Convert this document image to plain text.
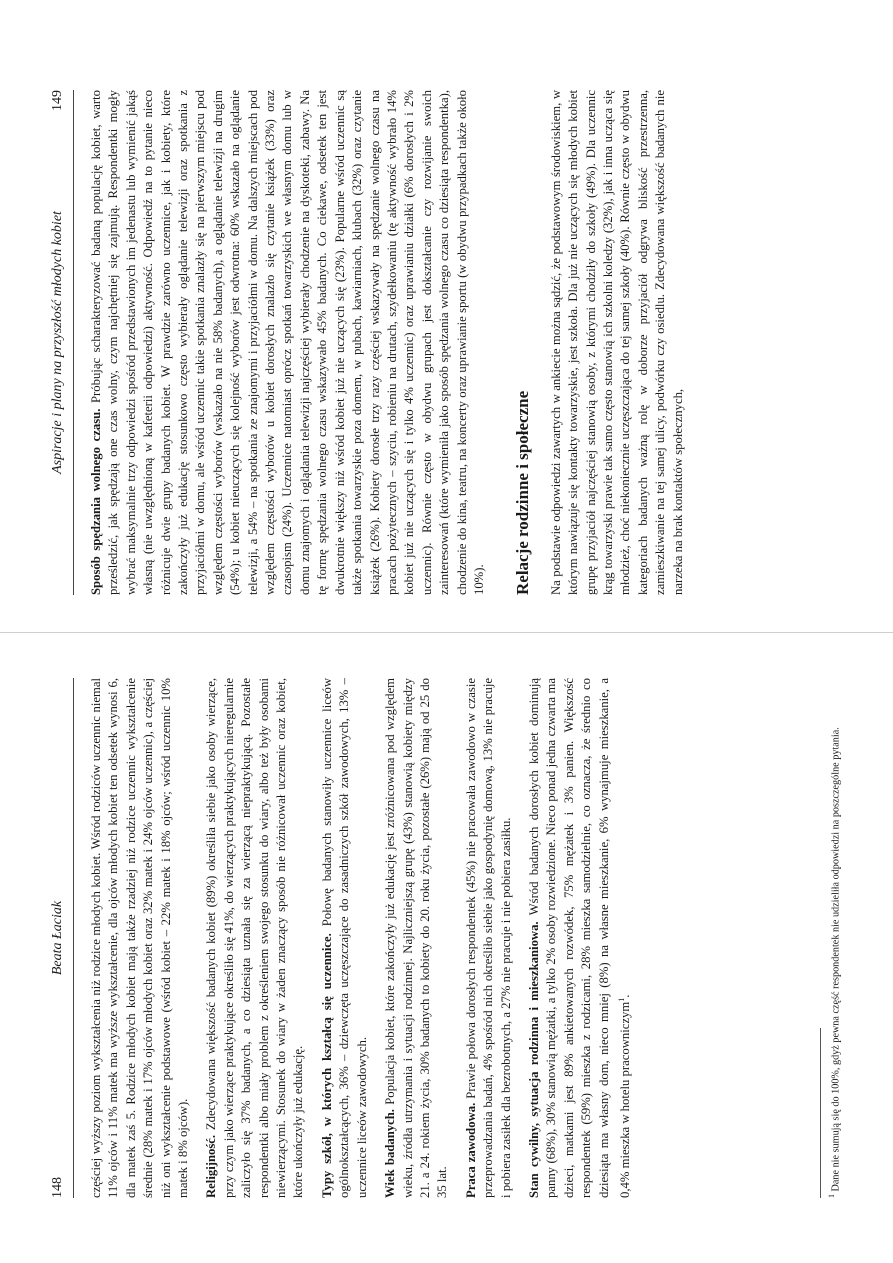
148
Beata Łaciak częściej wyższy poziom wykształcenia niż rodzice młodych kobiet. Wśród rodziców uczennic niemal 11% ojców i 11% matek ma wyższe wykształcenie, dla ojców młodych kobiet ten odsetek wynosi 6, dla matek zaś 5. Rodzice młodych kobiet mają także rzadziej niż rodzice uczennic wykształcenie średnie (28% matek i 17% ojców młodych kobiet oraz 32% matek i 24% ojców uczennic), a częściej niż oni wykształcenie podstawowe (wśród kobiet – 22% matek i 18% ojców; wśród uczennic 10% matek i 8% ojców). Religijność. Zdecydowana większość badanych kobiet (89%) określiła siebie jako osoby wierzące, przy czym jako wierzące praktykujące określiło się 41%, do wierzących praktykujących nieregularnie zaliczyło się 37% badanych, a co dziesiąta uznała się za wierzącą niepraktykującą. Pozostałe respondentki albo miały problem z określeniem swojego stosunku do wiary, albo też były osobami niewierzącymi. Stosunek do wiary w żaden znaczący sposób nie różnicował uczennic oraz kobiet, które ukończyły już edukację. Typy szkół, w których kształcą się uczennice. Połowę badanych stanowiły uczennice liceów ogólnokształcących, 36% – dziewczęta uczęszczające do zasadniczych szkół zawodowych, 13% – uczennice liceów zawodowych. Wiek badanych. Populacja kobiet, które zakończyły już edukację jest zróżnicowana pod względem wieku, źródła utrzymania i sytuacji rodzinnej. Najliczniejszą grupę (43%) stanowią kobiety między 21. a 24. rokiem życia, 30% badanych to kobiety do 20. roku życia, pozostałe (26%) mają od 25 do 35 lat. Praca zawodowa. Prawie połowa dorosłych respondentek (45%) nie pracowała zawodowo w czasie przeprowadzania badań, 4% spośród nich określiło siebie jako gospodynię domową, 13% nie pracuje i pobiera zasiłek dla bezrobotnych, a 27% nie pracuje i nie pobiera zasiłku. Stan cywilny, sytuacja rodzinna i mieszkaniowa. Wśród badanych dorosłych kobiet dominują panny (68%), 30% stanowią mężatki, a tylko 2% osoby rozwiedzione. Nieco ponad jedna czwarta ma dzieci, matkami jest 89% ankietowanych rozwódek, 75% mężatek i 3% panien. Większość respondentek (59%) mieszka z rodzicami, 28% mieszka samodzielnie, co oznacza, że średnio co dziesiąta ma własny dom, nieco mniej (8%) na własne mieszkanie, 6% wynajmuje mieszkanie, a 0,4% mieszka w hotelu pracowniczym$^1$.

$^1$ Dane nie sumują się do 100%, gdyż pewna część respondentek nie udzieliła odpowiedzi na poszczególne pytania.
Aspiracje i plany na przyszłość młodych kobiet
149

Sposób spędzania wolnego czasu. Próbując scharakteryzować badaną populację kobiet, warto prześledzić, jak spędzają one czas wolny, czym najchętniej się zajmują. Respondentki mogły wybrać maksymalnie trzy odpowiedzi spośród przedstawionych im jedenastu lub wymienić jakąś własną (nie uwzględnioną w kafeterii odpowiedzi) aktywność. Odpowiedź na to pytanie nieco różnicuje dwie grupy badanych kobiet. W prawdzie zarówno uczennice, jak i kobiety, które zakończyły już edukację stosunkowo często wybierały oglądanie telewizji oraz spotkania z przyjaciółmi w domu, ale wśród uczennic takie spotkania znalazły się na pierwszym miejscu pod względem częstości wyborów (wskazało na nie 58% badanych), a oglądanie telewizji na drugim (54%); u kobiet nieuczących się kolejność wyborów jest odwrotna: 60% wskazało na oglądanie telewizji, a 54% – na spotkania ze znajomymi i przyjaciółmi w domu. Na dalszych miejscach pod względem częstości wyborów u kobiet dorosłych znalazło się czytanie książek (33%) oraz czasopism (24%). Uczennice natomiast oprócz spotkań towarzyskich we własnym domu lub w domu znajomych i oglądania telewizji najczęściej wybierały chodzenie na dyskoteki, zabawy. Na tę formę spędzania wolnego czasu wskazywało 45% badanych. Co ciekawe, odsetek ten jest dwukrotnie większy niż wśród kobiet już nie uczących się (23%). Popularne wśród uczennic są także spotkania towarzyskie poza domem, w pubach, kawiarniach, klubach (32%) oraz czytanie książek (26%). Kobiety dorosłe trzy razy częściej wskazywały na spędzanie wolnego czasu na pracach pożytecznych – szyciu, robieniu na drutach, szydełkowaniu (tę aktywność wybrało 14% kobiet już nie uczących się i tylko 4% uczennic) oraz uprawianiu działki (6% dorosłych i 2% uczennic). Równie często w obydwu grupach jest dokształcanie czy rozwijanie swoich zainteresowań (które wymieniła jako sposób spędzania wolnego czasu co dziesiąta respondentka), chodzenie do kina, teatru, na koncerty oraz uprawianie sportu (w obydwu przypadkach także około 10%). Relacje rodzinne i społeczne Na podstawie odpowiedzi zawartych w ankiecie można sądzić, że podstawowym środowiskiem, w którym nawiązuje się kontakty towarzyskie, jest szkoła. Dla już nie uczących się młodych kobiet grupę przyjaciół najczęściej stanowią osoby, z którymi chodziły do szkoły (49%). Dla uczennic krąg towarzyski prawie tak samo często stanowią ich szkolni koledzy (32%), jak i inna ucząca się młodzież, choć niekoniecznie uczęszczająca do tej samej szkoły (40%). Równie często w obydwu kategoriach badanych ważną rolę w doborze przyjaciół odgrywa bliskość przestrzenna, zamieszkiwanie na tej samej ulicy, podwórku czy osiedlu. Zdecydowana większość badanych nie narzeka na brak kontaktów społecznych,
